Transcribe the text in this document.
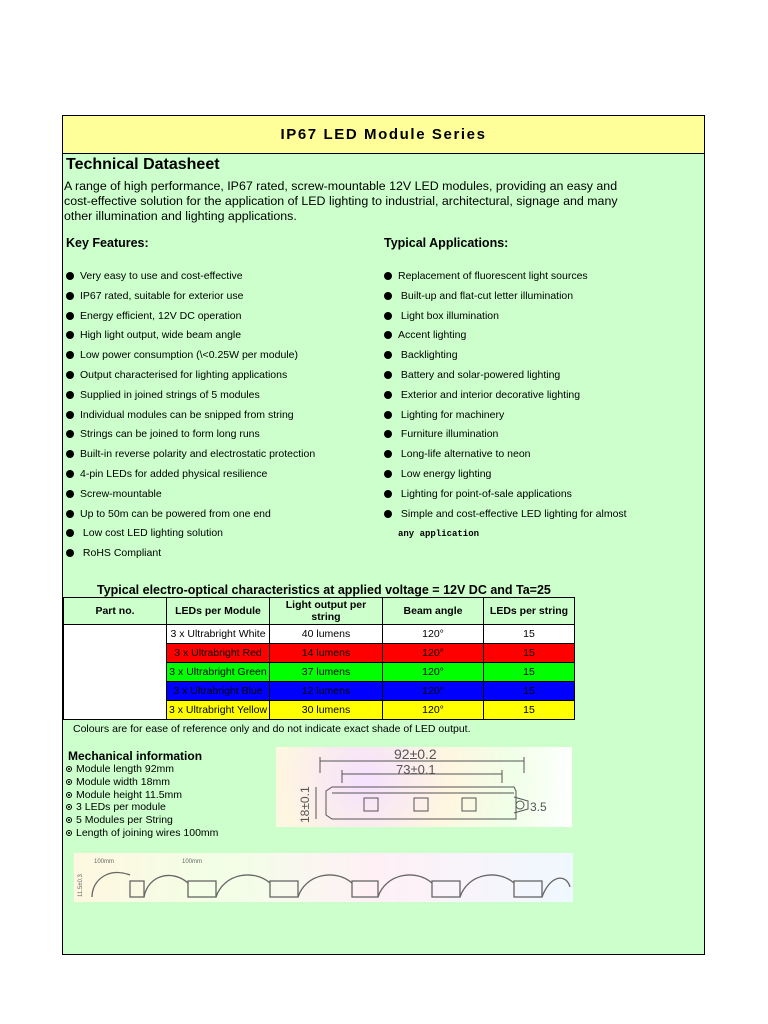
IP67 LED Module Series
Technical Datasheet
A range of high performance, IP67 rated, screw-mountable 12V LED modules, providing an easy and cost-effective solution for the application of LED lighting to industrial, architectural, signage and many other illumination and lighting applications.
Key Features:	Typical Applications:
Very easy to use and cost-effective
IP67 rated, suitable for exterior use
Energy efficient, 12V DC operation
High light output, wide beam angle
Low power consumption (\<0.25W per module)
Output characterised for lighting applications
Supplied in joined strings of 5 modules
Individual modules can be snipped from string
Strings can be joined to form long runs
Built-in reverse polarity and electrostatic protection
4-pin LEDs for added physical resilience
Screw-mountable
Up to 50m can be powered from one end
Low cost LED lighting solution
RoHS Compliant
Replacement of fluorescent light sources
Built-up and flat-cut letter illumination
Light box illumination
Accent lighting
Backlighting
Battery and solar-powered lighting
Exterior and interior decorative lighting
Lighting for machinery
Furniture illumination
Long-life alternative to neon
Low energy lighting
Lighting for point-of-sale applications
Simple and cost-effective LED lighting for almost
any application
Typical electro-optical characteristics at applied voltage = 12V DC and Ta=25
Part no.	LEDs per Module	Light output per string	Beam angle	LEDs per string
	3 x Ultrabright White	40 lumens	120°	15
	3 x Ultrabright Red	14 lumens	120°	15
	3 x Ultrabright Green	37 lumens	120°	15
	3 x Ultrabright Blue	12 lumens	120°	15
	3 x Ultrabright Yellow	30 lumens	120°	15
Colours are for ease of reference only and do not indicate exact shade of LED output.
Mechanical information
Module length 92mm
Module width 18mm
Module height 11.5mm
3 LEDs per module
5 Modules per String
Length of joining wires 100mm
92±0.2
73±0.1
18±0.1	3.5
100mm	100mm
11.5±0.3
